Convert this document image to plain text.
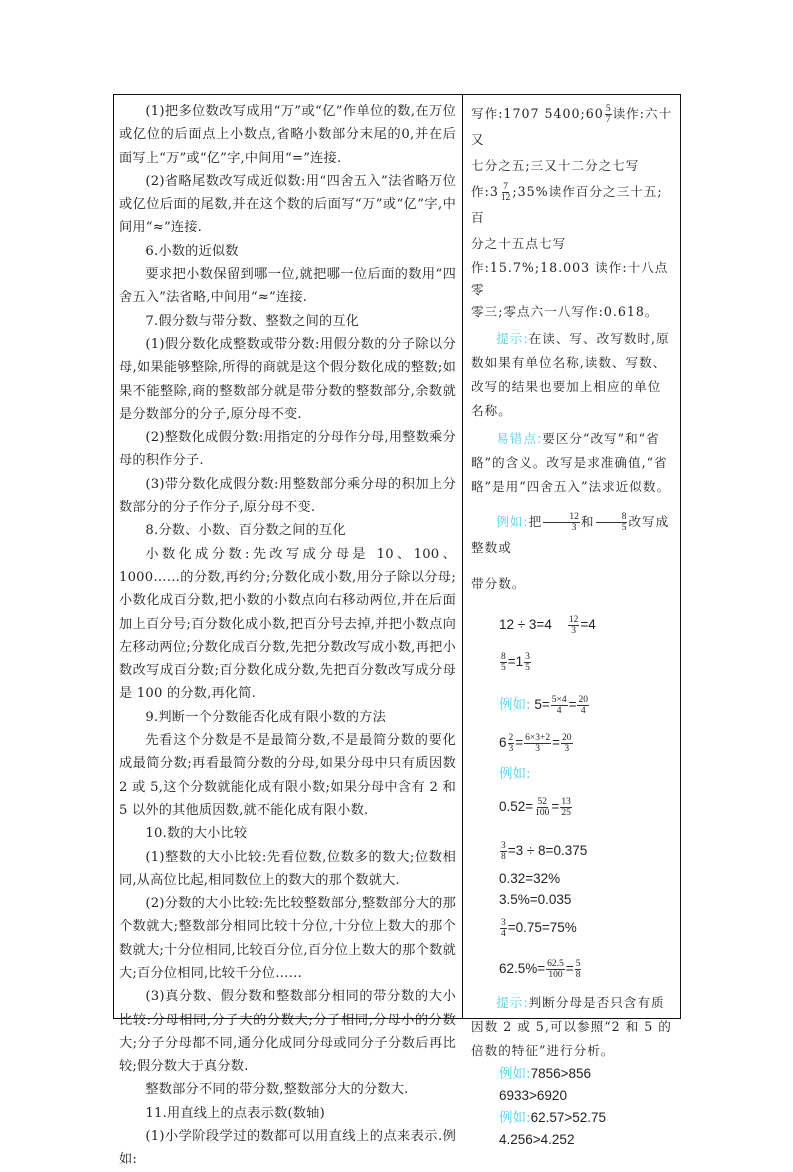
(1)把多位数改写成用“万”或“亿”作单位的数,在万位或亿位的后面点上小数点,省略小数部分末尾的0,并在后面写上“万”或“亿”字,中间用“=”连接.

(2)省略尾数改写成近似数:用“四舍五入”法省略万位或亿位后面的尾数,并在这个数的后面写“万”或“亿”字,中间用“≈”连接.

6.小数的近似数

要求把小数保留到哪一位,就把哪一位后面的数用“四舍五入”法省略,中间用“≈”连接.

7.假分数与带分数、整数之间的互化

(1)假分数化成整数或带分数:用假分数的分子除以分母,如果能够整除,所得的商就是这个假分数化成的整数;如果不能整除,商的整数部分就是带分数的整数部分,余数就是分数部分的分子,原分母不变.

(2)整数化成假分数:用指定的分母作分母,用整数乘分母的积作分子.

(3)带分数化成假分数:用整数部分乘分母的积加上分数部分的分子作分子,原分母不变.

8.分数、小数、百分数之间的互化

小数化成分数:先改写成分母是 10、100、1000……的分数,再约分;分数化成小数,用分子除以分母;小数化成百分数,把小数的小数点向右移动两位,并在后面加上百分号;百分数化成小数,把百分号去掉,并把小数点向左移动两位;分数化成百分数,先把分数改写成小数,再把小数改写成百分数;百分数化成分数,先把百分数改写成分母是 100 的分数,再化简.

9.判断一个分数能否化成有限小数的方法

先看这个分数是不是最简分数,不是最简分数的要化成最简分数;再看最简分数的分母,如果分母中只有质因数 2 或 5,这个分数就能化成有限小数;如果分母中含有 2 和 5 以外的其他质因数,就不能化成有限小数.

10.数的大小比较

(1)整数的大小比较:先看位数,位数多的数大;位数相同,从高位比起,相同数位上的数大的那个数就大.

(2)分数的大小比较:先比较整数部分,整数部分大的那个数就大;整数部分相同比较十分位,十分位上数大的那个数就大;十分位相同,比较百分位,百分位上数大的那个数就大;百分位相同,比较千分位……

(3)真分数、假分数和整数部分相同的带分数的大小比较:分母相同,分子大的分数大;分子相同,分母小的分数大;分子分母都不同,通分化成同分母或同分子分数后再比较;假分数大于真分数.

整数部分不同的带分数,整数部分大的分数大.

11.用直线上的点表示数(数轴)

(1)小学阶段学过的数都可以用直线上的点来表示.例如:

写作:1707 5400;60 $\frac{5}{7}$ 读作:六十又

七分之五;三又十二分之七写

作:3 $\frac{7}{12}$ ;35%读作百分之三十五;百

分之十五点七写

作:15.7%;18.003 读作:十八点零

零三;零点六一八写作:0.618。

提示:在读、写、改写数时,原数如果有单位名称,读数、写数、改写的结果也要加上相应的单位名称。

易错点:要区分“改写”和“省略”的含义。改写是求准确值,“省略”是用“四舍五入”法求近似数。

例如:把 $\frac{12}{3}$ 和 $\frac{8}{5}$ 改写成整数或

带分数。

$12 \div 3=4 \frac{12}{3} =4$

$\frac{8}{5} =1 \frac{3}{5}$

例如: $5= \frac{5\times 4}{4} = \frac{20}{4}$

$6 \frac{2}{3} = \frac{6\times 3+2}{3} = \frac{20}{3}$

例如:

$0.52= \frac{52}{100} = \frac{13}{25}$

$\frac{3}{8} =3 \div 8=0.375$

0.32=32%

3.5%=0.035

$\frac{3}{4} =0.75=75\%$

$62.5\%= \frac{62.5}{100} = \frac{5}{8}$

提示:判断分母是否只含有质因数 2 或 5,可以参照“2 和 5 的倍数的特征”进行分析。

例如:7856>856

6933>6920

例如:62.57>52.75

4.256>4.252
